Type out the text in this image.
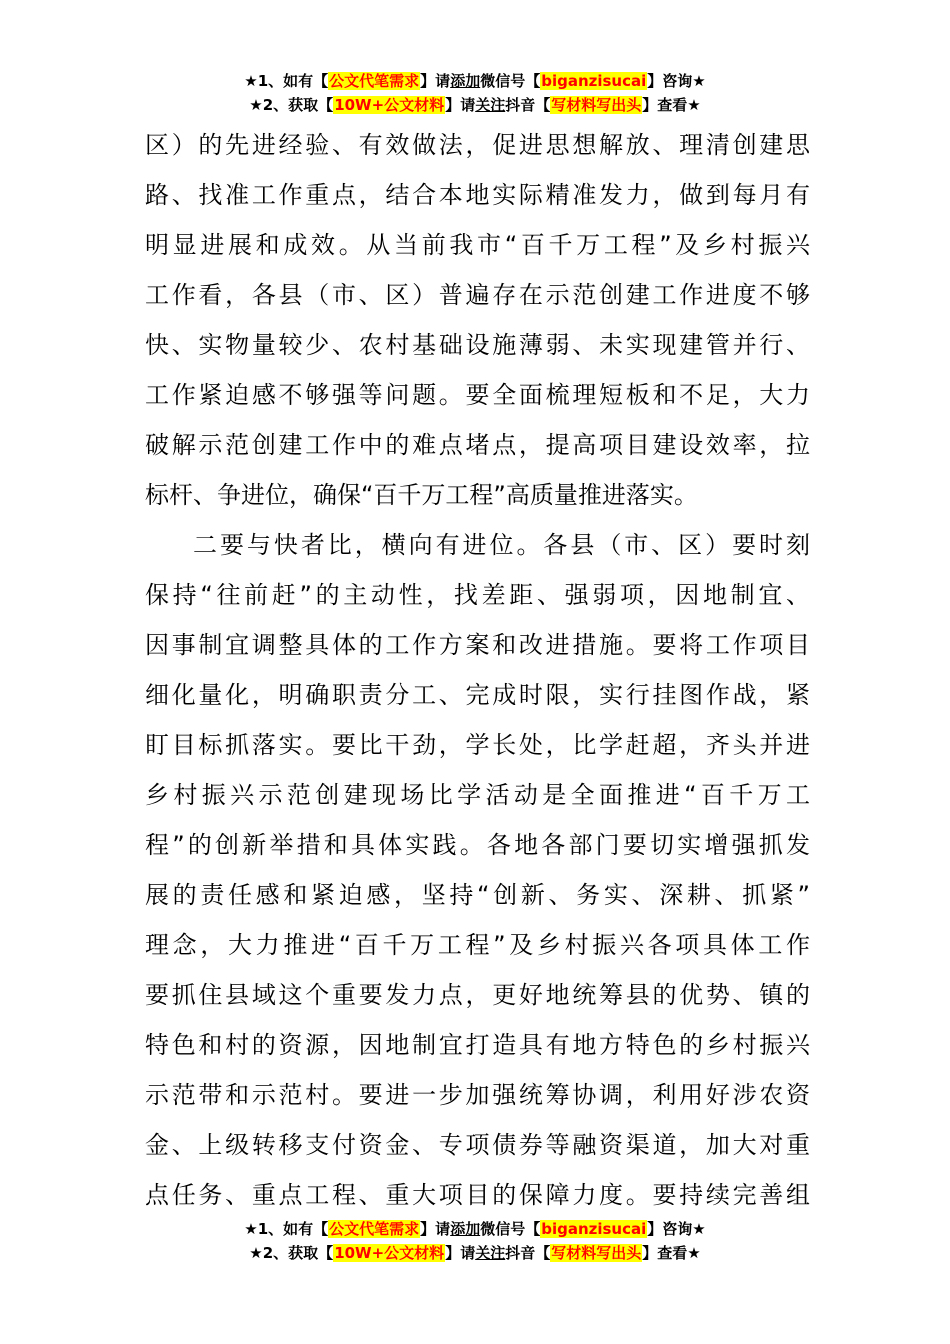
★1、如有【公文代笔需求】请添加微信号【biganzisucai】咨询★
★2、获取【10W+公文材料】请关注抖音【写材料写出头】查看★
区）的先进经验、有效做法，促进思想解放、理清创建思
路、找准工作重点，结合本地实际精准发力，做到每月有
明显进展和成效。从当前我市“百千万工程”及乡村振兴
工作看，各县（市、区）普遍存在示范创建工作进度不够
快、实物量较少、农村基础设施薄弱、未实现建管并行、
工作紧迫感不够强等问题。要全面梳理短板和不足，大力
破解示范创建工作中的难点堵点，提高项目建设效率，拉
标杆、争进位，确保“百千万工程”高质量推进落实。
二要与快者比，横向有进位。各县（市、区）要时刻
保持“往前赶”的主动性，找差距、强弱项，因地制宜、
因事制宜调整具体的工作方案和改进措施。要将工作项目
细化量化，明确职责分工、完成时限，实行挂图作战，紧
盯目标抓落实。要比干劲，学长处，比学赶超，齐头并进
乡村振兴示范创建现场比学活动是全面推进“百千万工
程”的创新举措和具体实践。各地各部门要切实增强抓发
展的责任感和紧迫感，坚持“创新、务实、深耕、抓紧”
理念，大力推进“百千万工程”及乡村振兴各项具体工作
要抓住县域这个重要发力点，更好地统筹县的优势、镇的
特色和村的资源，因地制宜打造具有地方特色的乡村振兴
示范带和示范村。要进一步加强统筹协调，利用好涉农资
金、上级转移支付资金、专项债券等融资渠道，加大对重
点任务、重点工程、重大项目的保障力度。要持续完善组
★1、如有【公文代笔需求】请添加微信号【biganzisucai】咨询★
★2、获取【10W+公文材料】请关注抖音【写材料写出头】查看★
